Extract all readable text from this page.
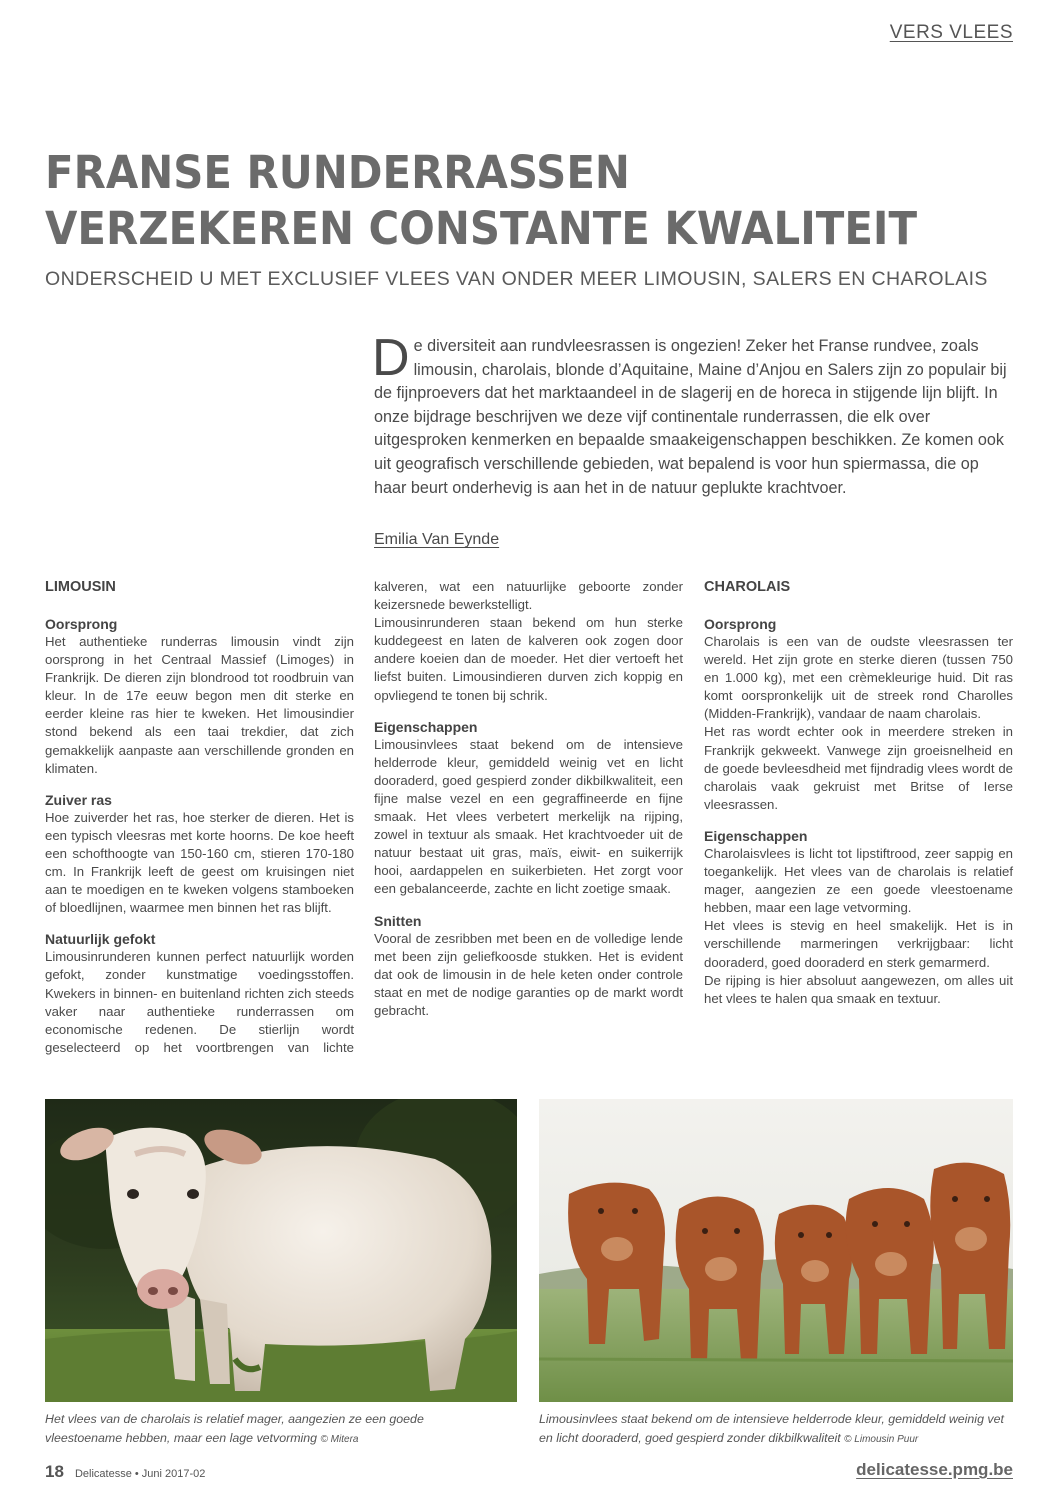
VERS VLEES
FRANSE RUNDERRASSEN
VERZEKEREN CONSTANTE KWALITEIT
ONDERSCHEID U MET EXCLUSIEF VLEES VAN ONDER MEER LIMOUSIN, SALERS EN CHAROLAIS
De diversiteit aan rundvleesrassen is ongezien! Zeker het Franse rundvee, zoals limousin, charolais, blonde d’Aquitaine, Maine d’Anjou en Salers zijn zo populair bij de fijnproevers dat het marktaandeel in de slagerij en de horeca in stijgende lijn blijft. In onze bijdrage beschrijven we deze vijf continentale runderrassen, die elk over uitgesproken kenmerken en bepaalde smaakeigenschappen beschikken. Ze komen ook uit geografisch verschillende gebieden, wat bepalend is voor hun spiermassa, die op haar beurt onderhevig is aan het in de natuur geplukte krachtvoer.
Emilia Van Eynde
LIMOUSIN
Oorsprong

Het authentieke runderras limousin vindt zijn oorsprong in het Centraal Massief (Limoges) in Frankrijk. De dieren zijn blondrood tot roodbruin van kleur. In de 17e eeuw begon men dit sterke en eerder kleine ras hier te kweken. Het limousindier stond bekend als een taai trekdier, dat zich gemakkelijk aanpaste aan verschillende gronden en klimaten.

Zuiver ras

Hoe zuiverder het ras, hoe sterker de dieren. Het is een typisch vleesras met korte hoorns. De koe heeft een schofthoogte van 150-160 cm, stieren 170-180 cm. In Frankrijk leeft de geest om kruisingen niet aan te moedigen en te kweken volgens stamboeken of bloedlijnen, waarmee men binnen het ras blijft.

Natuurlijk gefokt

Limousinrunderen kunnen perfect natuurlijk worden gefokt, zonder kunstmatige voedingsstoffen. Kwekers in binnen- en buitenland richten zich steeds vaker naar authentieke runderrassen om economische redenen. De stierlijn wordt geselecteerd op het voortbrengen van lichte

kalveren, wat een natuurlijke geboorte zonder keizersnede bewerkstelligt.

Limousinrunderen staan bekend om hun sterke kuddegeest en laten de kalveren ook zogen door andere koeien dan de moeder. Het dier vertoeft het liefst buiten. Limousindieren durven zich koppig en opvliegend te tonen bij schrik.

Eigenschappen

Limousinvlees staat bekend om de intensieve helderrode kleur, gemiddeld weinig vet en licht dooraderd, goed gespierd zonder dikbilkwaliteit, een fijne malse vezel en een gegraffineerde en fijne smaak. Het vlees verbetert merkelijk na rijping, zowel in textuur als smaak. Het krachtvoeder uit de natuur bestaat uit gras, maïs, eiwit- en suikerrijk hooi, aardappelen en suikerbieten. Het zorgt voor een gebalanceerde, zachte en licht zoetige smaak.

Snitten

Vooral de zesribben met been en de volledige lende met been zijn geliefkoosde stukken. Het is evident dat ook de limousin in de hele keten onder controle staat en met de nodige garanties op de markt wordt gebracht.

CHAROLAIS
Oorsprong

Charolais is een van de oudste vleesrassen ter wereld. Het zijn grote en sterke dieren (tussen 750 en 1.000 kg), met een crèmekleurige huid. Dit ras komt oorspronkelijk uit de streek rond Charolles (Midden-Frankrijk), vandaar de naam charolais.

Het ras wordt echter ook in meerdere streken in Frankrijk gekweekt. Vanwege zijn groeisnelheid en de goede bevleesdheid met fijndradig vlees wordt de charolais vaak gekruist met Britse of Ierse vleesrassen.

Eigenschappen

Charolaisvlees is licht tot lipstiftrood, zeer sappig en toegankelijk. Het vlees van de charolais is relatief mager, aangezien ze een goede vleestoename hebben, maar een lage vetvorming.

Het vlees is stevig en heel smakelijk. Het is in verschillende marmeringen verkrijgbaar: licht dooraderd, goed dooraderd en sterk gemarmerd.

De rijping is hier absoluut aangewezen, om alles uit het vlees te halen qua smaak en textuur.

Het vlees van de charolais is relatief mager, aangezien ze een goede vleestoename hebben, maar een lage vetvorming © Mitera
Limousinvlees staat bekend om de intensieve helderrode kleur, gemiddeld weinig vet en licht dooraderd, goed gespierd zonder dikbilkwaliteit © Limousin Puur
18 Delicatesse • Juni 2017-02	delicatesse.pmg.be
